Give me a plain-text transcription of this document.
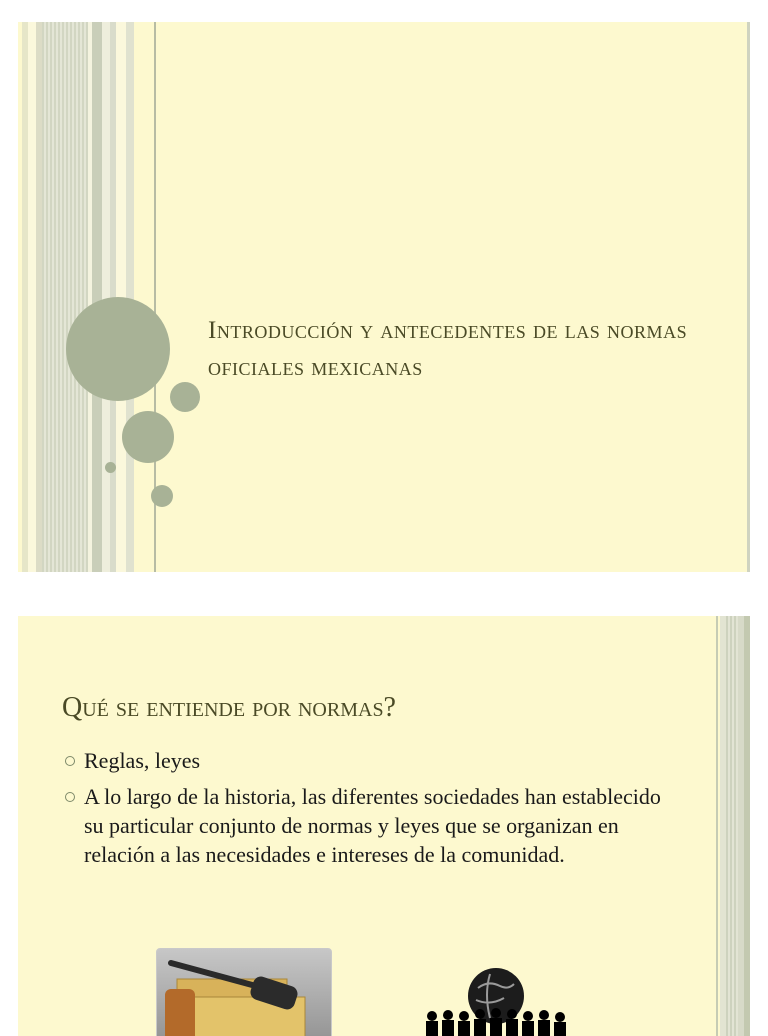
Introducción y antecedentes de las normas oficiales mexicanas
Qué se entiende por normas?
Reglas, leyes
A lo largo de la historia, las diferentes sociedades han establecido su particular conjunto de normas y leyes que se organizan en relación a las necesidades e intereses de la comunidad.
